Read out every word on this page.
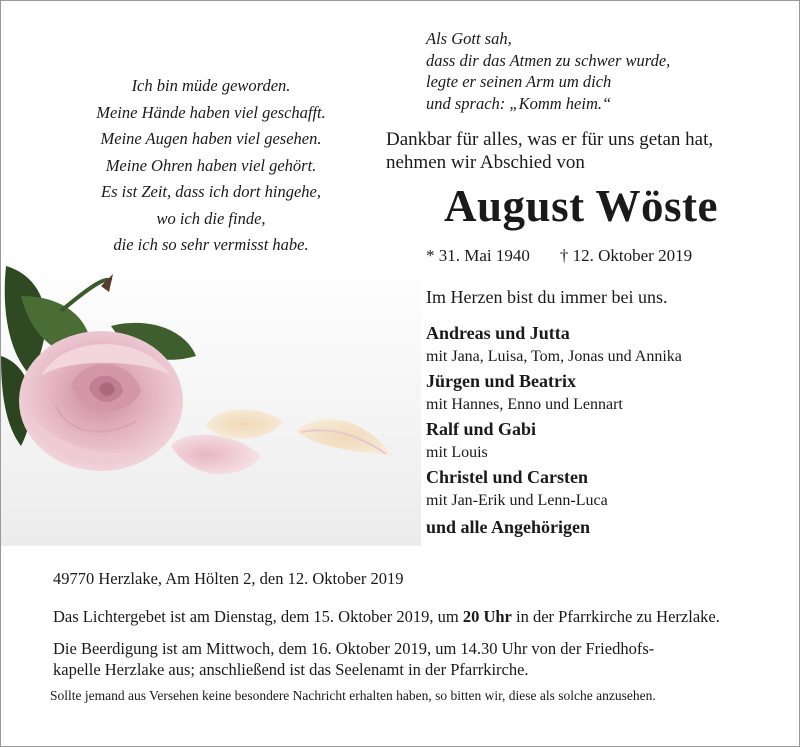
Ich bin müde geworden.
Meine Hände haben viel geschafft.
Meine Augen haben viel gesehen.
Meine Ohren haben viel gehört.
Es ist Zeit, dass ich dort hingehe,
wo ich die finde,
die ich so sehr vermisst habe.
Als Gott sah,
dass dir das Atmen zu schwer wurde,
legte er seinen Arm um dich
und sprach: „Komm heim.“
Dankbar für alles, was er für uns getan hat,
nehmen wir Abschied von
August Wöste
* 31. Mai 1940 † 12. Oktober 2019
Im Herzen bist du immer bei uns.
Andreas und Jutta
mit Jana, Luisa, Tom, Jonas und Annika
Jürgen und Beatrix
mit Hannes, Enno und Lennart
Ralf und Gabi
mit Louis
Christel und Carsten
mit Jan-Erik und Lenn-Luca
und alle Angehörigen

49770 Herzlake, Am Hölten 2, den 12. Oktober 2019

Das Lichtergebet ist am Dienstag, dem 15. Oktober 2019, um 20 Uhr in der Pfarrkirche zu Herzlake.

Die Beerdigung ist am Mittwoch, dem 16. Oktober 2019, um 14.30 Uhr von der Friedhofs-
kapelle Herzlake aus; anschließend ist das Seelenamt in der Pfarrkirche.

Sollte jemand aus Versehen keine besondere Nachricht erhalten haben, so bitten wir, diese als solche anzusehen.
